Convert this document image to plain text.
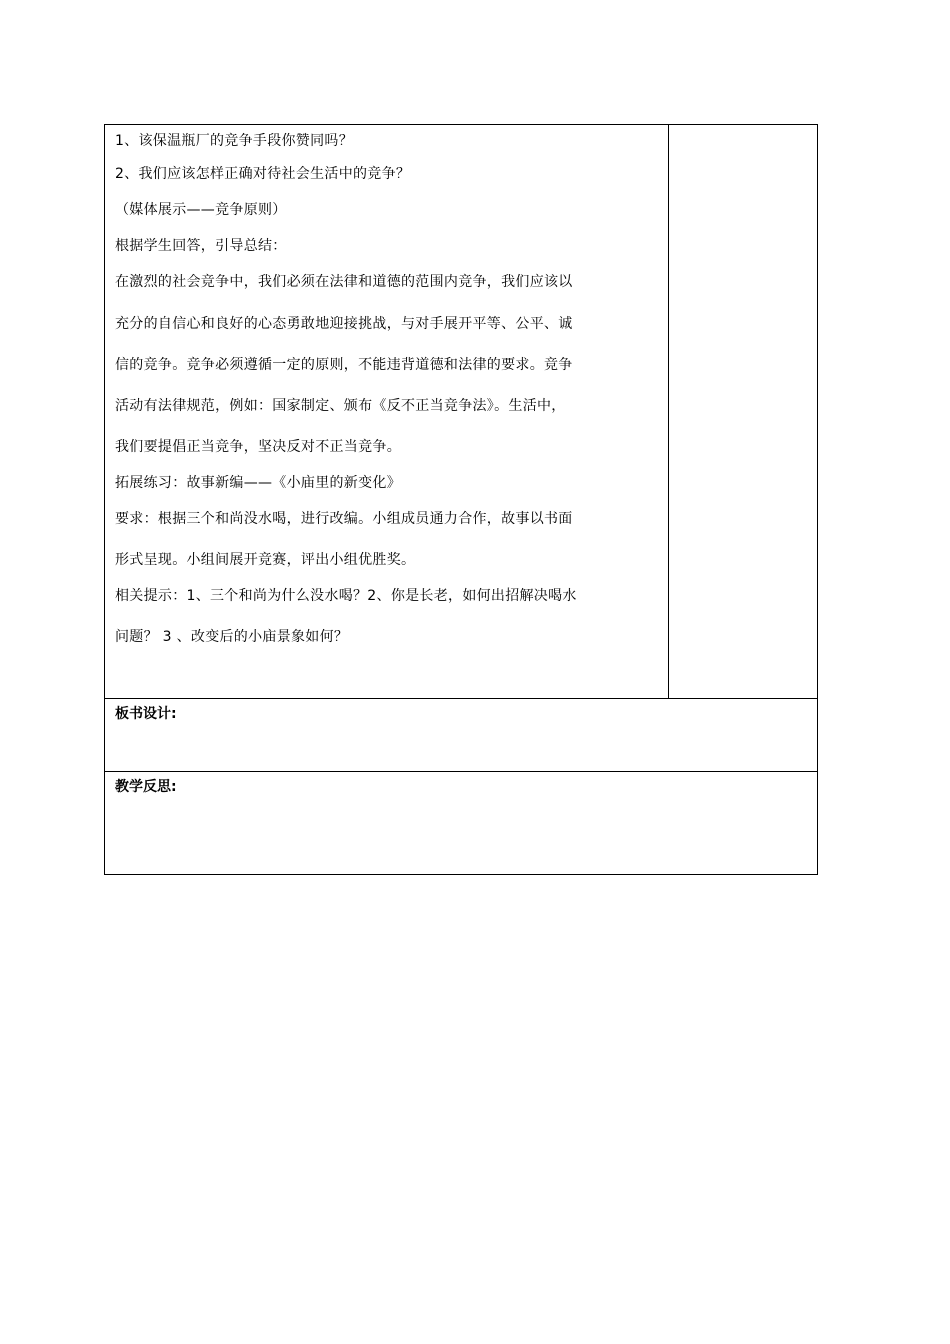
1、该保温瓶厂的竞争手段你赞同吗？
2、我们应该怎样正确对待社会生活中的竞争？
（媒体展示——竞争原则）
根据学生回答，引导总结：
在激烈的社会竞争中，我们必须在法律和道德的范围内竞争，我们应该以
充分的自信心和良好的心态勇敢地迎接挑战，与对手展开平等、公平、诚
信的竞争。竞争必须遵循一定的原则，不能违背道德和法律的要求。竞争
活动有法律规范，例如：国家制定、颁布《反不正当竞争法》。生活中，
我们要提倡正当竞争，坚决反对不正当竞争。
拓展练习：故事新编——《小庙里的新变化》
要求：根据三个和尚没水喝，进行改编。小组成员通力合作，故事以书面
形式呈现。小组间展开竞赛，评出小组优胜奖。
相关提示：1、三个和尚为什么没水喝？2、你是长老，如何出招解决喝水
问题？ 3 、改变后的小庙景象如何？
板书设计:
教学反思:
